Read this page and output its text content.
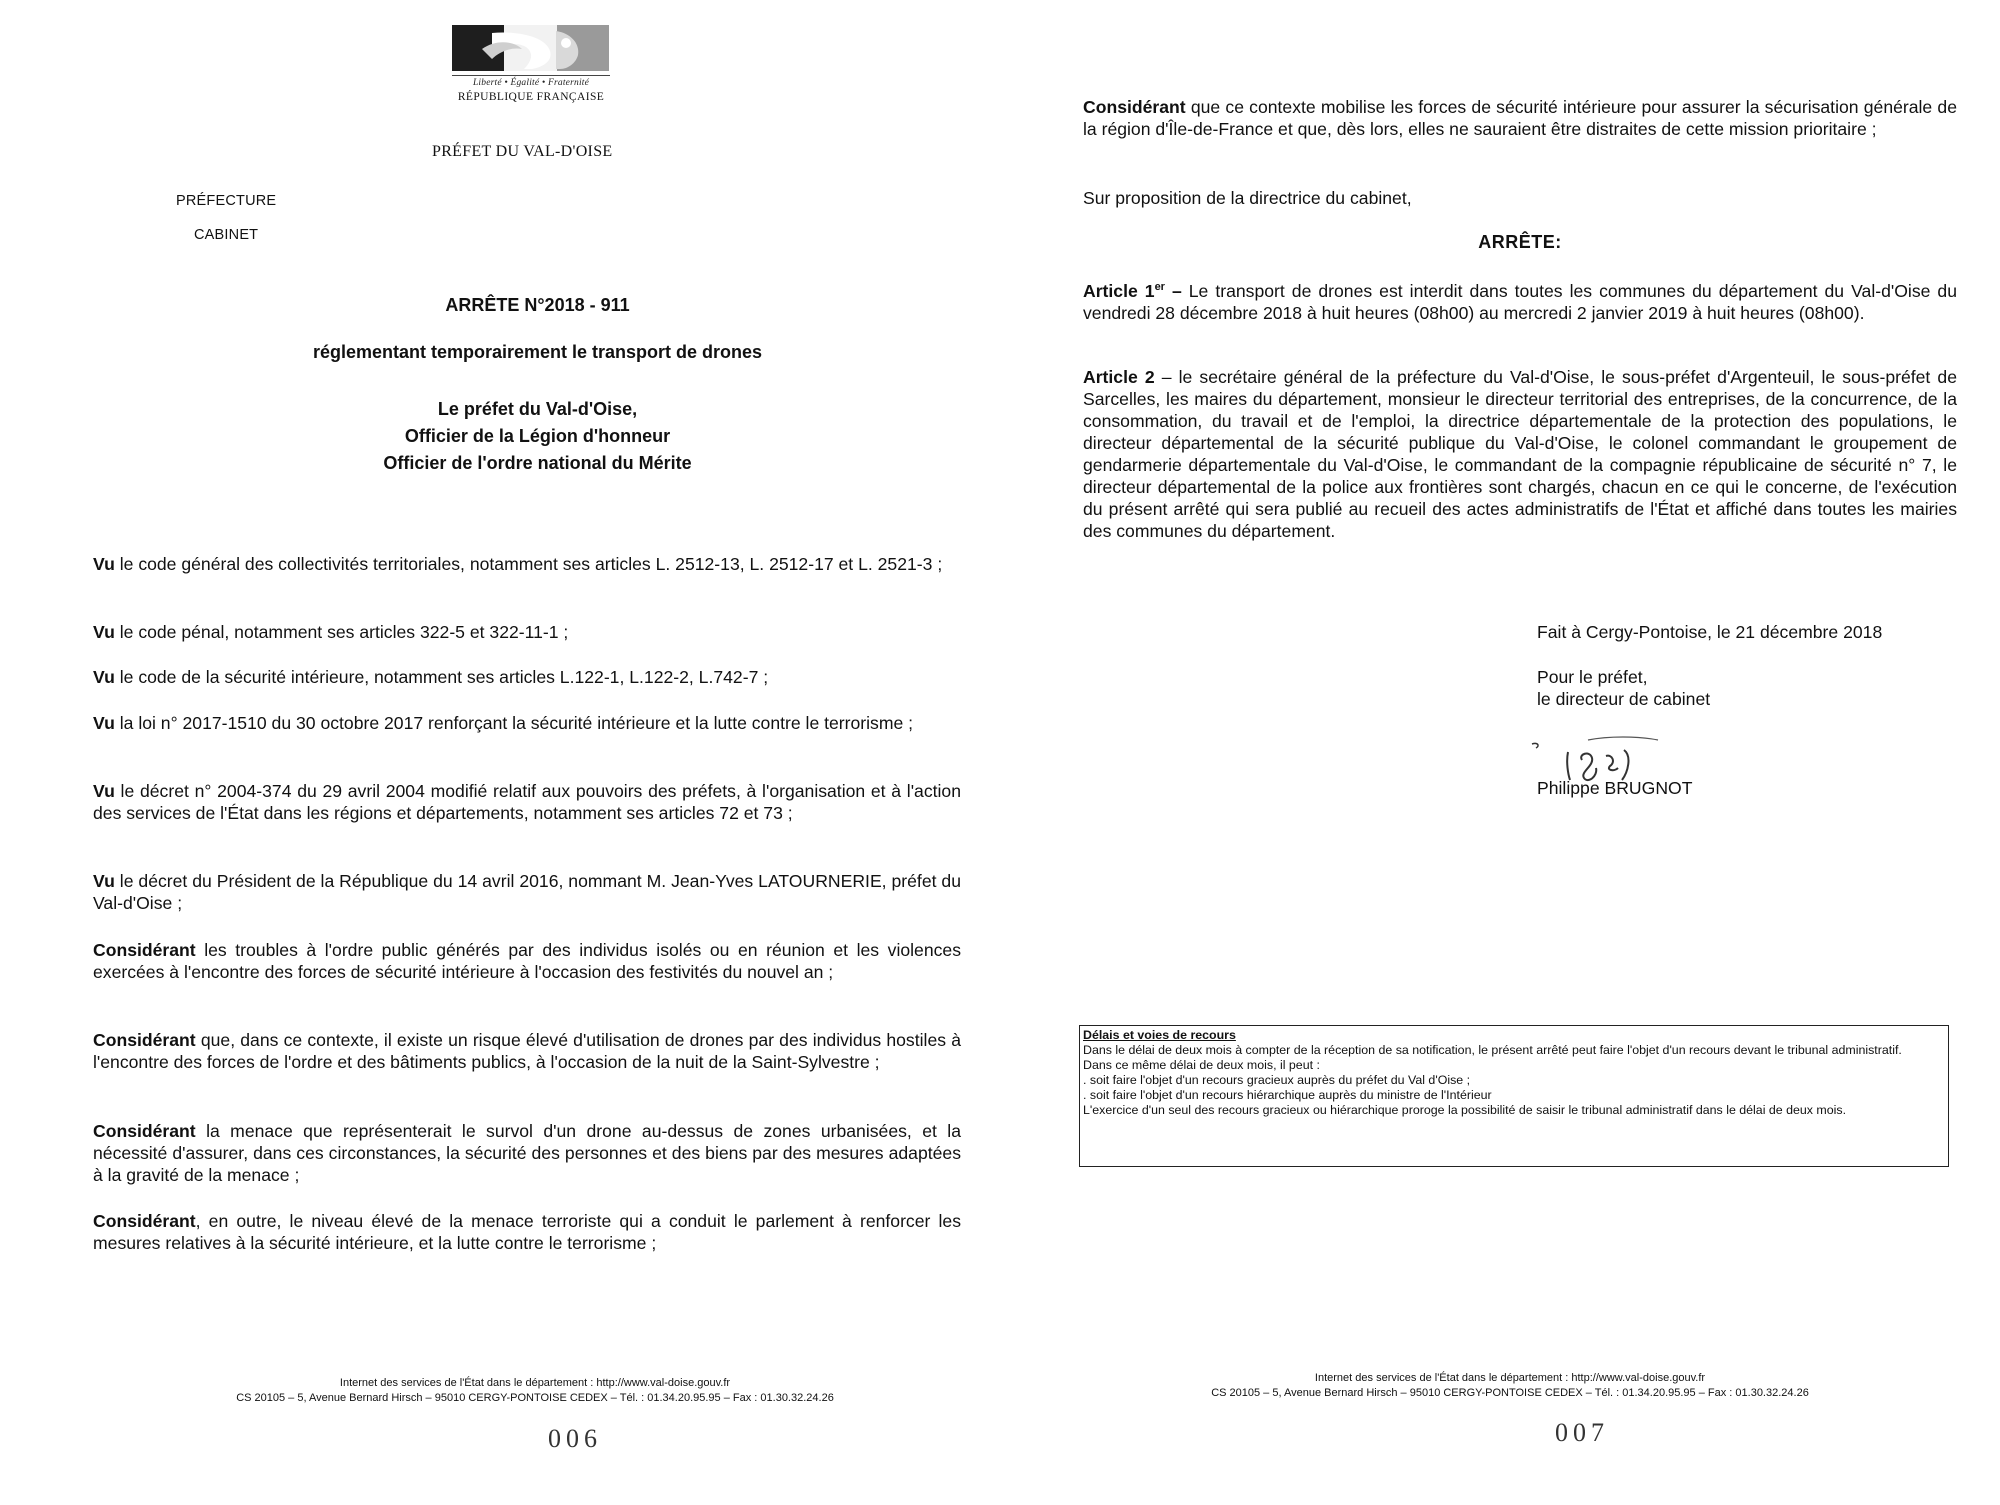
Liberté • Égalité • Fraternité
RÉPUBLIQUE FRANÇAISE
PRÉFET DU VAL-D'OISE
PRÉFECTURE
CABINET
ARRÊTE N°2018 - 911
réglementant temporairement le transport de drones
Le préfet du Val-d'Oise,
Officier de la Légion d'honneur
Officier de l'ordre national du Mérite
Vu le code général des collectivités territoriales, notamment ses articles L. 2512-13, L. 2512-17 et L. 2521-3 ;
Vu le code pénal, notamment ses articles 322-5 et 322-11-1 ;
Vu le code de la sécurité intérieure, notamment ses articles L.122-1, L.122-2, L.742-7 ;
Vu la loi n° 2017-1510 du 30 octobre 2017 renforçant la sécurité intérieure et la lutte contre le terrorisme ;
Vu le décret n° 2004-374 du 29 avril 2004 modifié relatif aux pouvoirs des préfets, à l'organisation et à l'action des services de l'État dans les régions et départements, notamment ses articles 72 et 73 ;
Vu le décret du Président de la République du 14 avril 2016, nommant M. Jean-Yves LATOURNERIE, préfet du Val-d'Oise ;
Considérant les troubles à l'ordre public générés par des individus isolés ou en réunion et les violences exercées à l'encontre des forces de sécurité intérieure à l'occasion des festivités du nouvel an ;
Considérant que, dans ce contexte, il existe un risque élevé d'utilisation de drones par des individus hostiles à l'encontre des forces de l'ordre et des bâtiments publics, à l'occasion de la nuit de la Saint-Sylvestre ;
Considérant la menace que représenterait le survol d'un drone au-dessus de zones urbanisées, et la nécessité d'assurer, dans ces circonstances, la sécurité des personnes et des biens par des mesures adaptées à la gravité de la menace ;
Considérant, en outre, le niveau élevé de la menace terroriste qui a conduit le parlement à renforcer les mesures relatives à la sécurité intérieure, et la lutte contre le terrorisme ;
Internet des services de l'État dans le département : http://www.val-doise.gouv.fr
CS 20105 – 5, Avenue Bernard Hirsch – 95010 CERGY-PONTOISE CEDEX – Tél. : 01.34.20.95.95 – Fax : 01.30.32.24.26
006
Considérant que ce contexte mobilise les forces de sécurité intérieure pour assurer la sécurisation générale de la région d'Île-de-France et que, dès lors, elles ne sauraient être distraites de cette mission prioritaire ;
Sur proposition de la directrice du cabinet,
ARRÊTE:
Article 1er – Le transport de drones est interdit dans toutes les communes du département du Val-d'Oise du vendredi 28 décembre 2018 à huit heures (08h00) au mercredi 2 janvier 2019 à huit heures (08h00).
Article 2 – le secrétaire général de la préfecture du Val-d'Oise, le sous-préfet d'Argenteuil, le sous-préfet de Sarcelles, les maires du département, monsieur le directeur territorial des entreprises, de la concurrence, de la consommation, du travail et de l'emploi, la directrice départementale de la protection des populations, le directeur départemental de la sécurité publique du Val-d'Oise, le colonel commandant le groupement de gendarmerie départementale du Val-d'Oise, le commandant de la compagnie républicaine de sécurité n° 7, le directeur départemental de la police aux frontières sont chargés, chacun en ce qui le concerne, de l'exécution du présent arrêté qui sera publié au recueil des actes administratifs de l'État et affiché dans toutes les mairies des communes du département.
Fait à Cergy-Pontoise, le 21 décembre 2018
Pour le préfet,
le directeur de cabinet
Philippe BRUGNOT
Délais et voies de recours
Dans le délai de deux mois à compter de la réception de sa notification, le présent arrêté peut faire l'objet d'un recours devant le tribunal administratif.
Dans ce même délai de deux mois, il peut :
. soit faire l'objet d'un recours gracieux auprès du préfet du Val d'Oise ;
. soit faire l'objet d'un recours hiérarchique auprès du ministre de l'Intérieur
L'exercice d'un seul des recours gracieux ou hiérarchique proroge la possibilité de saisir le tribunal administratif dans le délai de deux mois.
Internet des services de l'État dans le département : http://www.val-doise.gouv.fr
CS 20105 – 5, Avenue Bernard Hirsch – 95010 CERGY-PONTOISE CEDEX – Tél. : 01.34.20.95.95 – Fax : 01.30.32.24.26
007
